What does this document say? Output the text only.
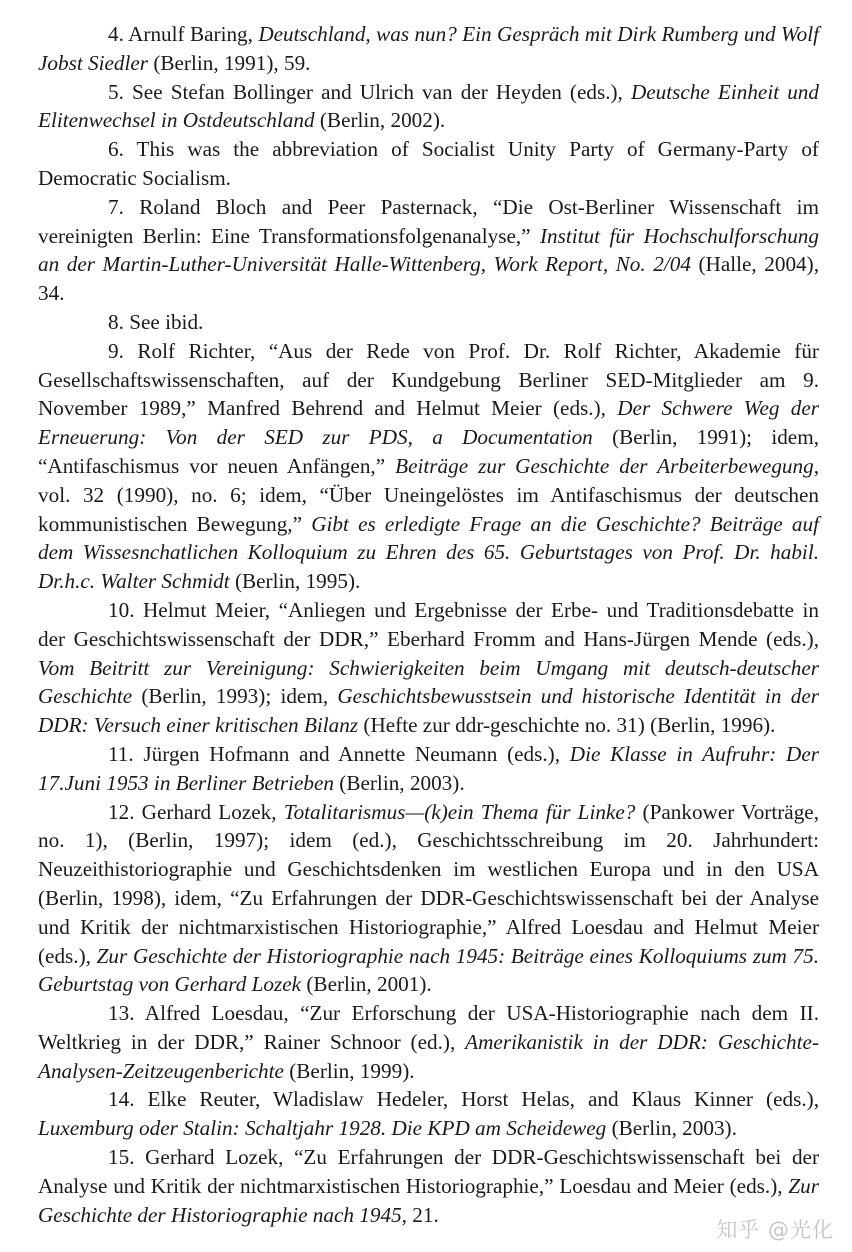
4. Arnulf Baring, Deutschland, was nun? Ein Gespräch mit Dirk Rumberg und Wolf Jobst Siedler (Berlin, 1991), 59.

5. See Stefan Bollinger and Ulrich van der Heyden (eds.), Deutsche Einheit und Elitenwechsel in Ostdeutschland (Berlin, 2002).

6. This was the abbreviation of Socialist Unity Party of Germany-Party of Democratic Socialism.

7. Roland Bloch and Peer Pasternack, “Die Ost-Berliner Wissenschaft im vereinigten Berlin: Eine Transformationsfolgenanalyse,” Institut für Hochschulforschung an der Martin-Luther-Universität Halle-Wittenberg, Work Report, No. 2/04 (Halle, 2004), 34.

8. See ibid.

9. Rolf Richter, “Aus der Rede von Prof. Dr. Rolf Richter, Akademie für Gesellschaftswissenschaften, auf der Kundgebung Berliner SED-Mitglieder am 9. November 1989,” Manfred Behrend and Helmut Meier (eds.), Der Schwere Weg der Erneuerung: Von der SED zur PDS, a Documentation (Berlin, 1991); idem, “Antifaschismus vor neuen Anfängen,” Beiträge zur Geschichte der Arbeiterbewegung, vol. 32 (1990), no. 6; idem, “Über Uneingelöstes im Antifaschismus der deutschen kommunistischen Bewegung,” Gibt es erledigte Frage an die Geschichte? Beiträge auf dem Wissesnchatlichen Kolloquium zu Ehren des 65. Geburtstages von Prof. Dr. habil. Dr.h.c. Walter Schmidt (Berlin, 1995).

10. Helmut Meier, “Anliegen und Ergebnisse der Erbe- und Traditionsdebatte in der Geschichtswissenschaft der DDR,” Eberhard Fromm and Hans-Jürgen Mende (eds.), Vom Beitritt zur Vereinigung: Schwierigkeiten beim Umgang mit deutsch-deutscher Geschichte (Berlin, 1993); idem, Geschichtsbewusstsein und historische Identität in der DDR: Versuch einer kritischen Bilanz (Hefte zur ddr-geschichte no. 31) (Berlin, 1996).

11. Jürgen Hofmann and Annette Neumann (eds.), Die Klasse in Aufruhr: Der 17.Juni 1953 in Berliner Betrieben (Berlin, 2003).

12. Gerhard Lozek, Totalitarismus—(k)ein Thema für Linke? (Pankower Vorträge, no. 1), (Berlin, 1997); idem (ed.), Geschichtsschreibung im 20. Jahrhundert: Neuzeithistoriographie und Geschichtsdenken im westlichen Europa und in den USA (Berlin, 1998), idem, “Zu Erfahrungen der DDR-Geschichtswissenschaft bei der Analyse und Kritik der nichtmarxistischen Historiographie,” Alfred Loesdau and Helmut Meier (eds.), Zur Geschichte der Historiographie nach 1945: Beiträge eines Kolloquiums zum 75. Geburtstag von Gerhard Lozek (Berlin, 2001).

13. Alfred Loesdau, “Zur Erforschung der USA-Historiographie nach dem II. Weltkrieg in der DDR,” Rainer Schnoor (ed.), Amerikanistik in der DDR: Geschichte-Analysen-Zeitzeugenberichte (Berlin, 1999).

14. Elke Reuter, Wladislaw Hedeler, Horst Helas, and Klaus Kinner (eds.), Luxemburg oder Stalin: Schaltjahr 1928. Die KPD am Scheideweg (Berlin, 2003).

15. Gerhard Lozek, “Zu Erfahrungen der DDR-Geschichtswissenschaft bei der Analyse und Kritik der nichtmarxistischen Historiographie,” Loesdau and Meier (eds.), Zur Geschichte der Historiographie nach 1945, 21.

知乎 @光化
